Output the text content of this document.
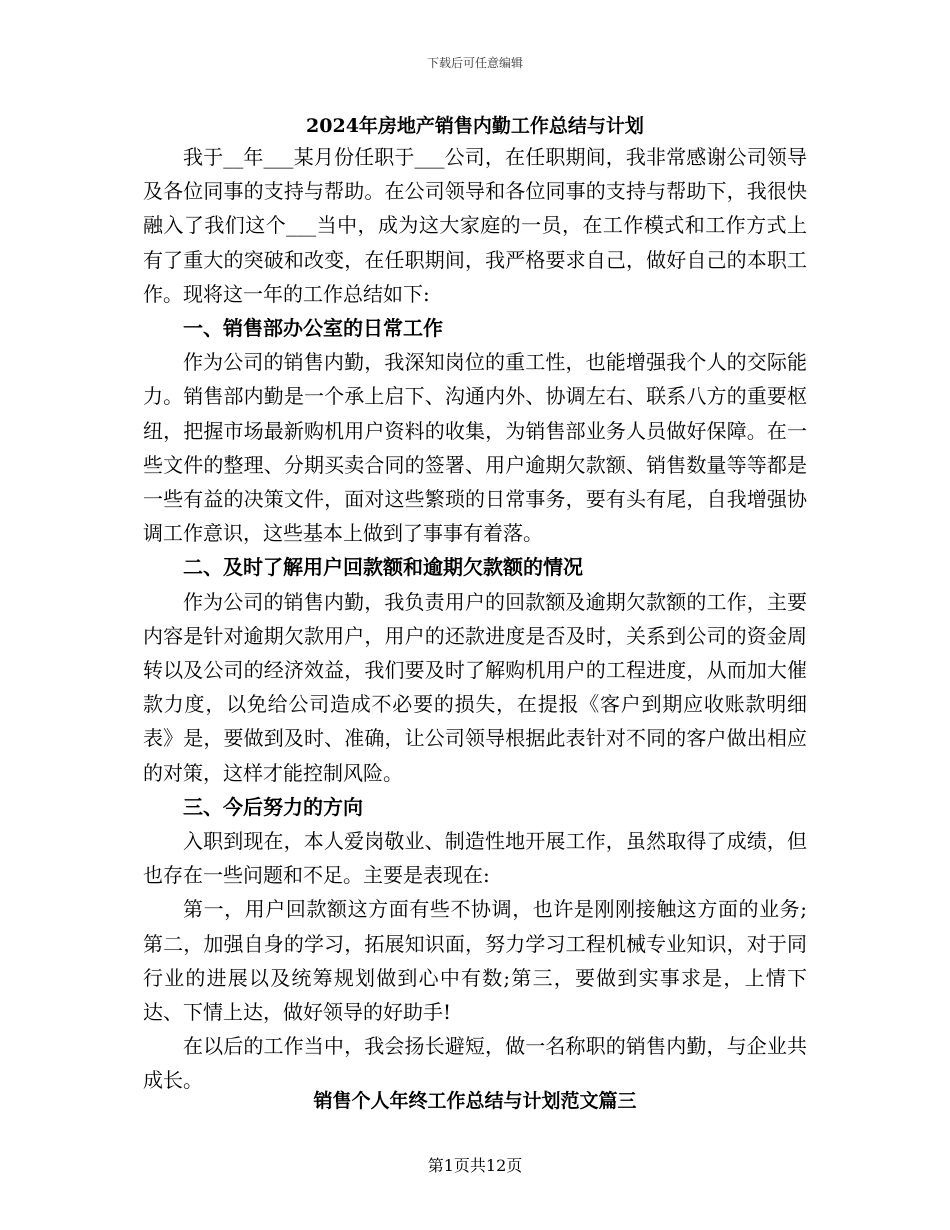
下载后可任意编辑
2024年房地产销售内勤工作总结与计划

我于__年___某月份任职于___公司，在任职期间，我非常感谢公司领导及各位同事的支持与帮助。在公司领导和各位同事的支持与帮助下，我很快融入了我们这个___当中，成为这大家庭的一员，在工作模式和工作方式上有了重大的突破和改变，在任职期间，我严格要求自己，做好自己的本职工作。现将这一年的工作总结如下:

一、销售部办公室的日常工作

作为公司的销售内勤，我深知岗位的重工性，也能增强我个人的交际能力。销售部内勤是一个承上启下、沟通内外、协调左右、联系八方的重要枢纽，把握市场最新购机用户资料的收集，为销售部业务人员做好保障。在一些文件的整理、分期买卖合同的签署、用户逾期欠款额、销售数量等等都是一些有益的决策文件，面对这些繁琐的日常事务，要有头有尾，自我增强协调工作意识，这些基本上做到了事事有着落。

二、及时了解用户回款额和逾期欠款额的情况

作为公司的销售内勤，我负责用户的回款额及逾期欠款额的工作，主要内容是针对逾期欠款用户，用户的还款进度是否及时，关系到公司的资金周转以及公司的经济效益，我们要及时了解购机用户的工程进度，从而加大催款力度，以免给公司造成不必要的损失，在提报《客户到期应收账款明细表》是，要做到及时、准确，让公司领导根据此表针对不同的客户做出相应的对策，这样才能控制风险。

三、今后努力的方向

入职到现在，本人爱岗敬业、制造性地开展工作，虽然取得了成绩，但也存在一些问题和不足。主要是表现在:

第一，用户回款额这方面有些不协调，也许是刚刚接触这方面的业务;第二，加强自身的学习，拓展知识面，努力学习工程机械专业知识，对于同行业的进展以及统筹规划做到心中有数;第三，要做到实事求是，上情下达、下情上达，做好领导的好助手!

在以后的工作当中，我会扬长避短，做一名称职的销售内勤，与企业共成长。

销售个人年终工作总结与计划范文篇三
第1页共12页
